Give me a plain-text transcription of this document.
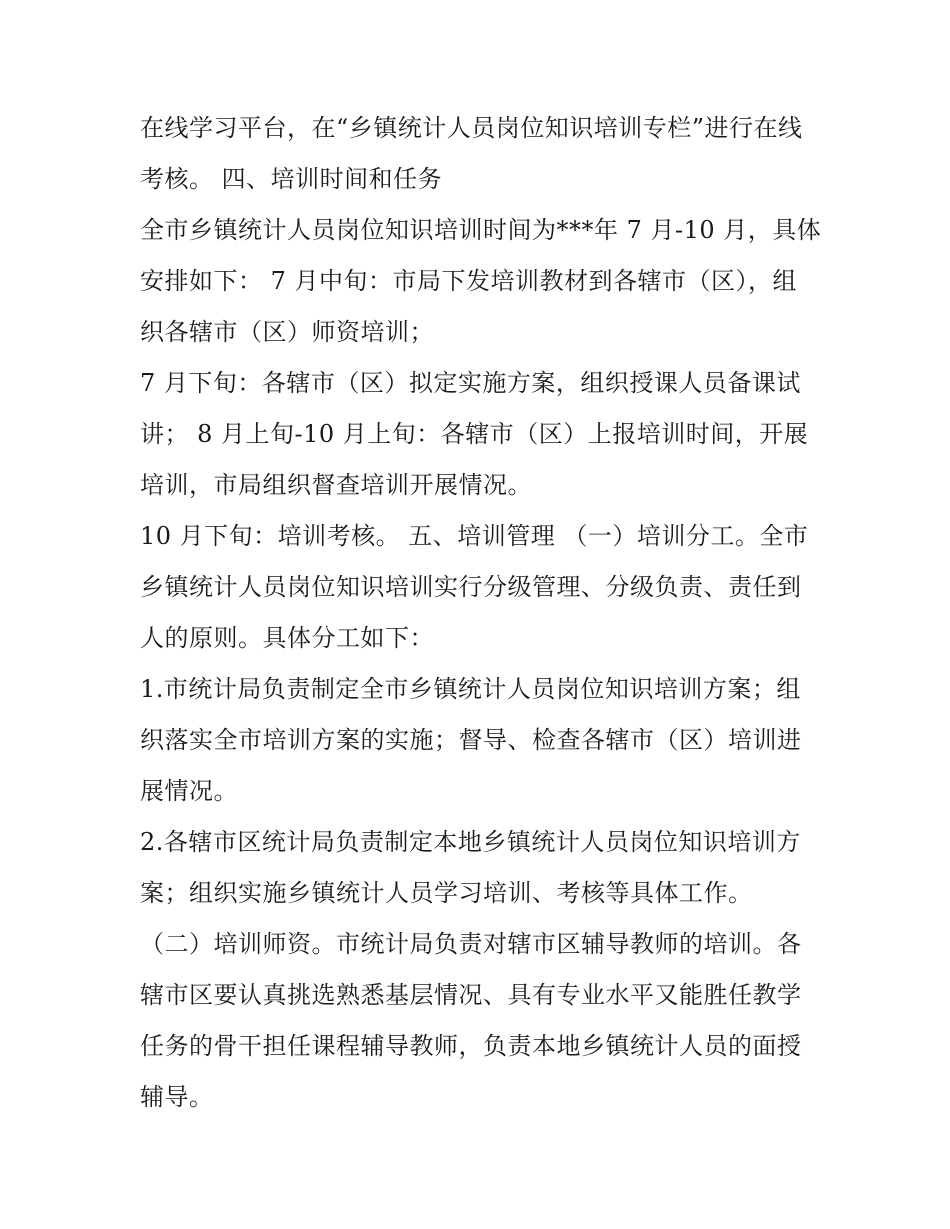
在线学习平台，在“乡镇统计人员岗位知识培训专栏”进行在线
考核。 四、培训时间和任务
全市乡镇统计人员岗位知识培训时间为***年 7 月-10 月，具体
安排如下： 7 月中旬：市局下发培训教材到各辖市（区），组
织各辖市（区）师资培训；
7 月下旬：各辖市（区）拟定实施方案，组织授课人员备课试
讲； 8 月上旬-10 月上旬：各辖市（区）上报培训时间，开展
培训，市局组织督查培训开展情况。
10 月下旬：培训考核。 五、培训管理 （一）培训分工。全市
乡镇统计人员岗位知识培训实行分级管理、分级负责、责任到
人的原则。具体分工如下：
1.市统计局负责制定全市乡镇统计人员岗位知识培训方案；组
织落实全市培训方案的实施；督导、检查各辖市（区）培训进
展情况。
2.各辖市区统计局负责制定本地乡镇统计人员岗位知识培训方
案；组织实施乡镇统计人员学习培训、考核等具体工作。
（二）培训师资。市统计局负责对辖市区辅导教师的培训。各
辖市区要认真挑选熟悉基层情况、具有专业水平又能胜任教学
任务的骨干担任课程辅导教师，负责本地乡镇统计人员的面授
辅导。
